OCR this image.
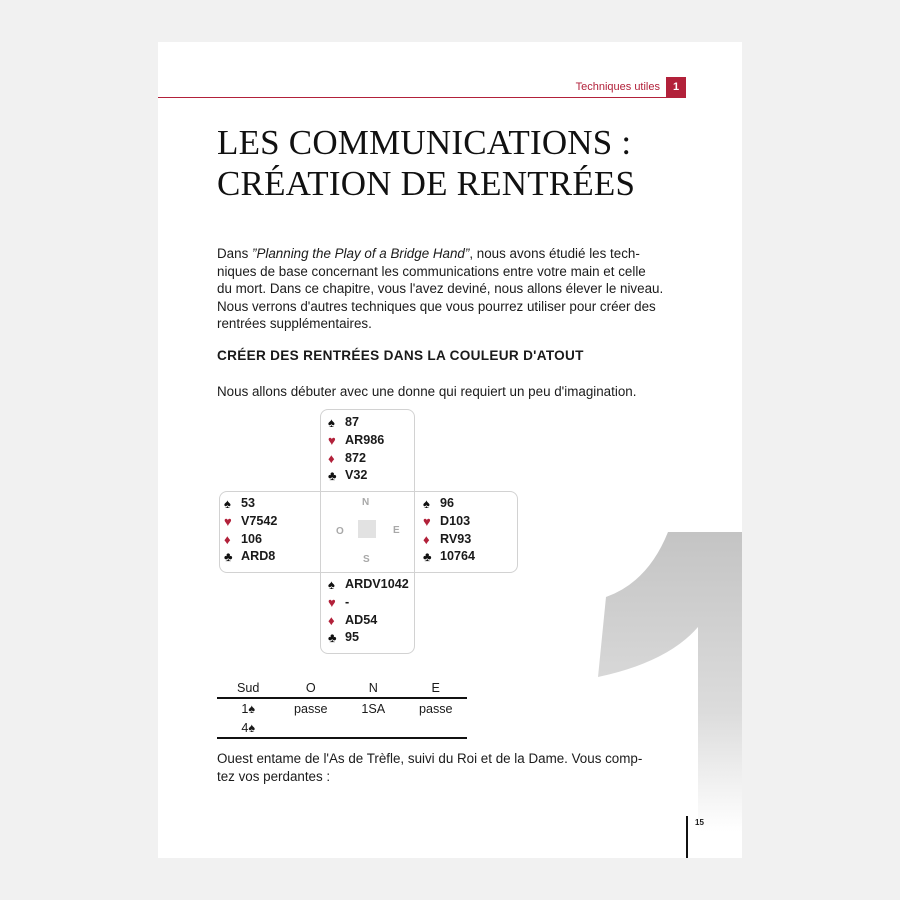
Techniques utiles	1
LES COMMUNICATIONS :
CRÉATION DE RENTRÉES
Dans ”Planning the Play of a Bridge Hand”, nous avons étudié les tech-
niques de base concernant les communications entre votre main et celle
du mort. Dans ce chapitre, vous l'avez deviné, nous allons élever le niveau.
Nous verrons d'autres techniques que vous pourrez utiliser pour créer des
rentrées supplémentaires.
CRÉER DES RENTRÉES DANS LA COULEUR D'ATOUT
Nous allons débuter avec une donne qui requiert un peu d'imagination.
N
O	E
S
♠ 87
♥ AR986
♦ 872
♣ V32
♠ 53
♥ V7542
♦ 106
♣ ARD8
♠ 96
♥ D103
♦ RV93
♣ 10764
♠ ARDV1042
♥ -
♦ AD54
♣ 95
Sud	O	N	E
1♠	passe	1SA	passe
4♠
Ouest entame de l'As de Trèfle, suivi du Roi et de la Dame. Vous comp-
tez vos perdantes :
15
